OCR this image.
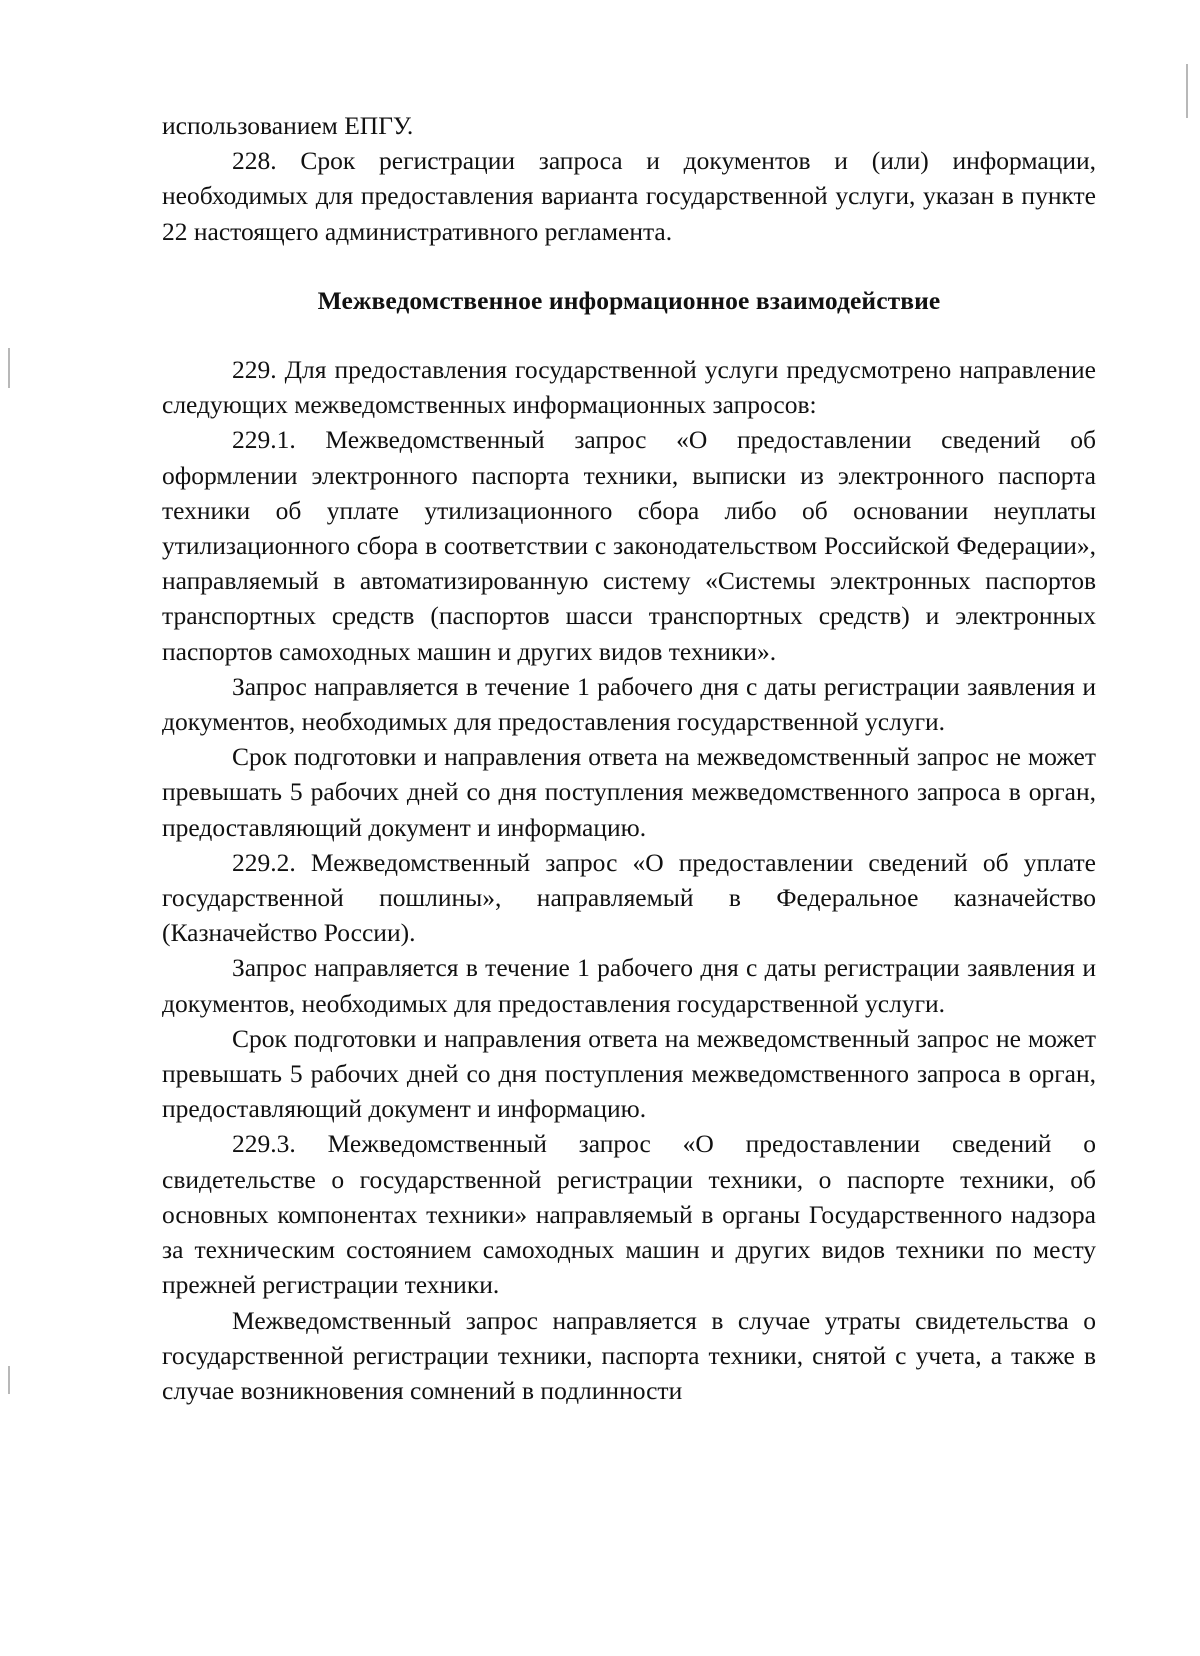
использованием ЕПГУ.

228. Срок регистрации запроса и документов и (или) информации, необходимых для предоставления варианта государственной услуги, указан в пункте 22 настоящего административного регламента.

Межведомственное информационное взаимодействие

229. Для предоставления государственной услуги предусмотрено направление следующих межведомственных информационных запросов:

229.1. Межведомственный запрос «О предоставлении сведений об оформлении электронного паспорта техники, выписки из электронного паспорта техники об уплате утилизационного сбора либо об основании неуплаты утилизационного сбора в соответствии с законодательством Российской Федерации», направляемый в автоматизированную систему «Системы электронных паспортов транспортных средств (паспортов шасси транспортных средств) и электронных паспортов самоходных машин и других видов техники».

Запрос направляется в течение 1 рабочего дня с даты регистрации заявления и документов, необходимых для предоставления государственной услуги.

Срок подготовки и направления ответа на межведомственный запрос не может превышать 5 рабочих дней со дня поступления межведомственного запроса в орган, предоставляющий документ и информацию.

229.2. Межведомственный запрос «О предоставлении сведений об уплате государственной пошлины», направляемый в Федеральное казначейство (Казначейство России).

Запрос направляется в течение 1 рабочего дня с даты регистрации заявления и документов, необходимых для предоставления государственной услуги.

Срок подготовки и направления ответа на межведомственный запрос не может превышать 5 рабочих дней со дня поступления межведомственного запроса в орган, предоставляющий документ и информацию.

229.3. Межведомственный запрос «О предоставлении сведений о свидетельстве о государственной регистрации техники, о паспорте техники, об основных компонентах техники» направляемый в органы Государственного надзора за техническим состоянием самоходных машин и других видов техники по месту прежней регистрации техники.

Межведомственный запрос направляется в случае утраты свидетельства о государственной регистрации техники, паспорта техники, снятой с учета, а также в случае возникновения сомнений в подлинности
